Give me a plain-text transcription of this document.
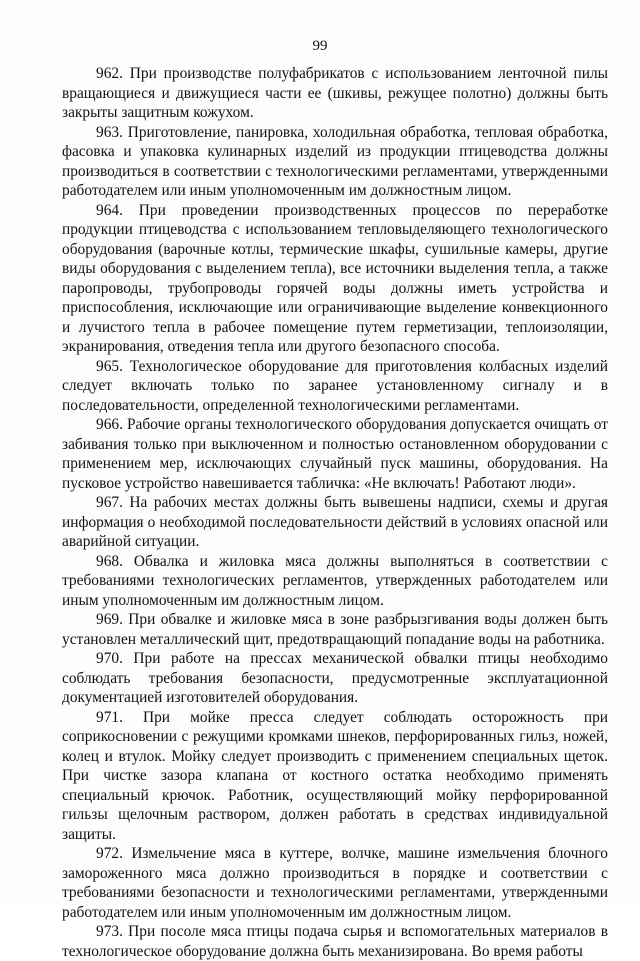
99

962. При производстве полуфабрикатов с использованием ленточной пилы вращающиеся и движущиеся части ее (шкивы, режущее полотно) должны быть закрыты защитным кожухом.

963. Приготовление, панировка, холодильная обработка, тепловая обработка, фасовка и упаковка кулинарных изделий из продукции птицеводства должны производиться в соответствии с технологическими регламентами, утвержденными работодателем или иным уполномоченным им должностным лицом.

964. При проведении производственных процессов по переработке продукции птицеводства с использованием тепловыделяющего технологического оборудования (варочные котлы, термические шкафы, сушильные камеры, другие виды оборудования с выделением тепла), все источники выделения тепла, а также паропроводы, трубопроводы горячей воды должны иметь устройства и приспособления, исключающие или ограничивающие выделение конвекционного и лучистого тепла в рабочее помещение путем герметизации, теплоизоляции, экранирования, отведения тепла или другого безопасного способа.

965. Технологическое оборудование для приготовления колбасных изделий следует включать только по заранее установленному сигналу и в последовательности, определенной технологическими регламентами.

966. Рабочие органы технологического оборудования допускается очищать от забивания только при выключенном и полностью остановленном оборудовании с применением мер, исключающих случайный пуск машины, оборудования. На пусковое устройство навешивается табличка: «Не включать! Работают люди».

967. На рабочих местах должны быть вывешены надписи, схемы и другая информация о необходимой последовательности действий в условиях опасной или аварийной ситуации.

968. Обвалка и жиловка мяса должны выполняться в соответствии с требованиями технологических регламентов, утвержденных работодателем или иным уполномоченным им должностным лицом.

969. При обвалке и жиловке мяса в зоне разбрызгивания воды должен быть установлен металлический щит, предотвращающий попадание воды на работника.

970. При работе на прессах механической обвалки птицы необходимо соблюдать требования безопасности, предусмотренные эксплуатационной документацией изготовителей оборудования.

971. При мойке пресса следует соблюдать осторожность при соприкосновении с режущими кромками шнеков, перфорированных гильз, ножей, колец и втулок. Мойку следует производить с применением специальных щеток. При чистке зазора клапана от костного остатка необходимо применять специальный крючок. Работник, осуществляющий мойку перфорированной гильзы щелочным раствором, должен работать в средствах индивидуальной защиты.

972. Измельчение мяса в куттере, волчке, машине измельчения блочного замороженного мяса должно производиться в порядке и соответствии с требованиями безопасности и технологическими регламентами, утвержденными работодателем или иным уполномоченным им должностным лицом.

973. При посоле мяса птицы подача сырья и вспомогательных материалов в технологическое оборудование должна быть механизирована. Во время работы
